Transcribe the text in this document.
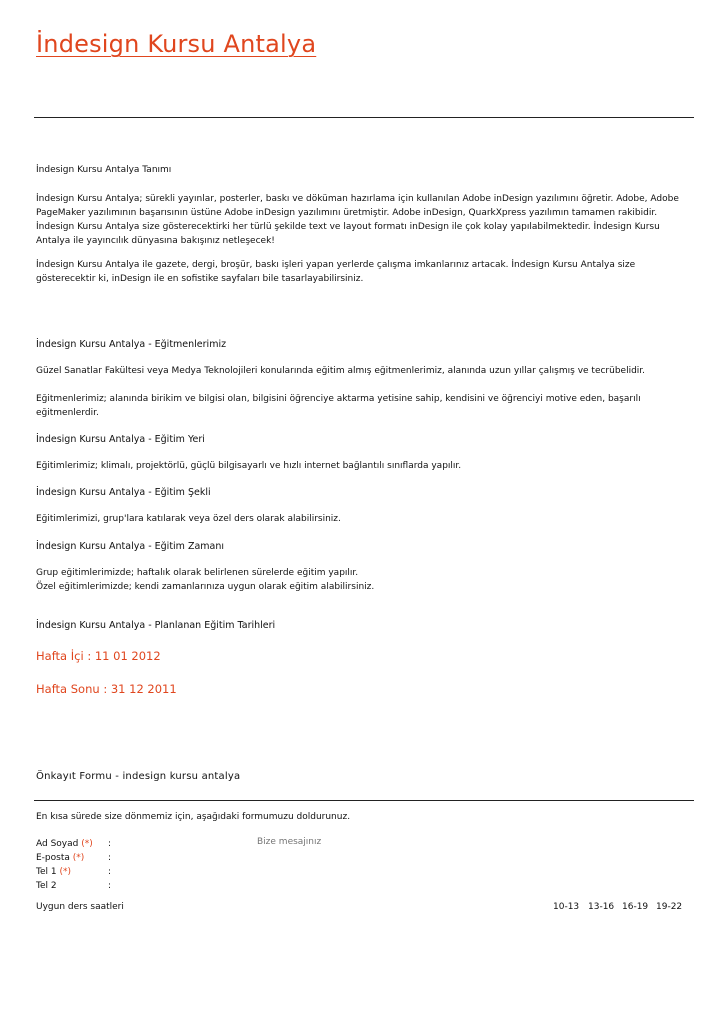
İndesign Kursu Antalya

İndesign Kursu Antalya Tanımı

İndesign Kursu Antalya; sürekli yayınlar, posterler, baskı ve döküman hazırlama için kullanılan Adobe inDesign yazılımını öğretir. Adobe, Adobe PageMaker yazılımının başarısının üstüne Adobe inDesign yazılımını üretmiştir. Adobe inDesign, QuarkXpress yazılımın tamamen rakibidir. İndesign Kursu Antalya size gösterecektirki her türlü şekilde text ve layout formatı inDesign ile çok kolay yapılabilmektedir. İndesign Kursu Antalya ile yayıncılık dünyasına bakışınız netleşecek!

İndesign Kursu Antalya ile gazete, dergi, broşür, baskı işleri yapan yerlerde çalışma imkanlarınız artacak. İndesign Kursu Antalya size gösterecektir ki, inDesign ile en sofistike sayfaları bile tasarlayabilirsiniz.

İndesign Kursu Antalya - Eğitmenlerimiz

Güzel Sanatlar Fakültesi veya Medya Teknolojileri konularında eğitim almış eğitmenlerimiz, alanında uzun yıllar çalışmış ve tecrübelidir.

Eğitmenlerimiz; alanında birikim ve bilgisi olan, bilgisini öğrenciye aktarma yetisine sahip, kendisini ve öğrenciyi motive eden, başarılı eğitmenlerdir.

İndesign Kursu Antalya - Eğitim Yeri

Eğitimlerimiz; klimalı, projektörlü, güçlü bilgisayarlı ve hızlı internet bağlantılı sınıflarda yapılır.

İndesign Kursu Antalya - Eğitim Şekli

Eğitimlerimizi, grup'lara katılarak veya özel ders olarak alabilirsiniz.

İndesign Kursu Antalya - Eğitim Zamanı

Grup eğitimlerimizde; haftalık olarak belirlenen sürelerde eğitim yapılır.

Özel eğitimlerimizde; kendi zamanlarınıza uygun olarak eğitim alabilirsiniz.

İndesign Kursu Antalya - Planlanan Eğitim Tarihleri

Hafta İçi : 11 01 2012

Hafta Sonu : 31 12 2011

Önkayıt Formu - indesign kursu antalya

En kısa sürede size dönmemiz için, aşağıdaki formumuzu doldurunuz.

Ad Soyad (*) :
E-posta (*)	:
Tel 1 (*)	:
Tel 2	:
Bize mesajınız
Uygun ders saatleri	10-13 13-16 16-19 19-22
